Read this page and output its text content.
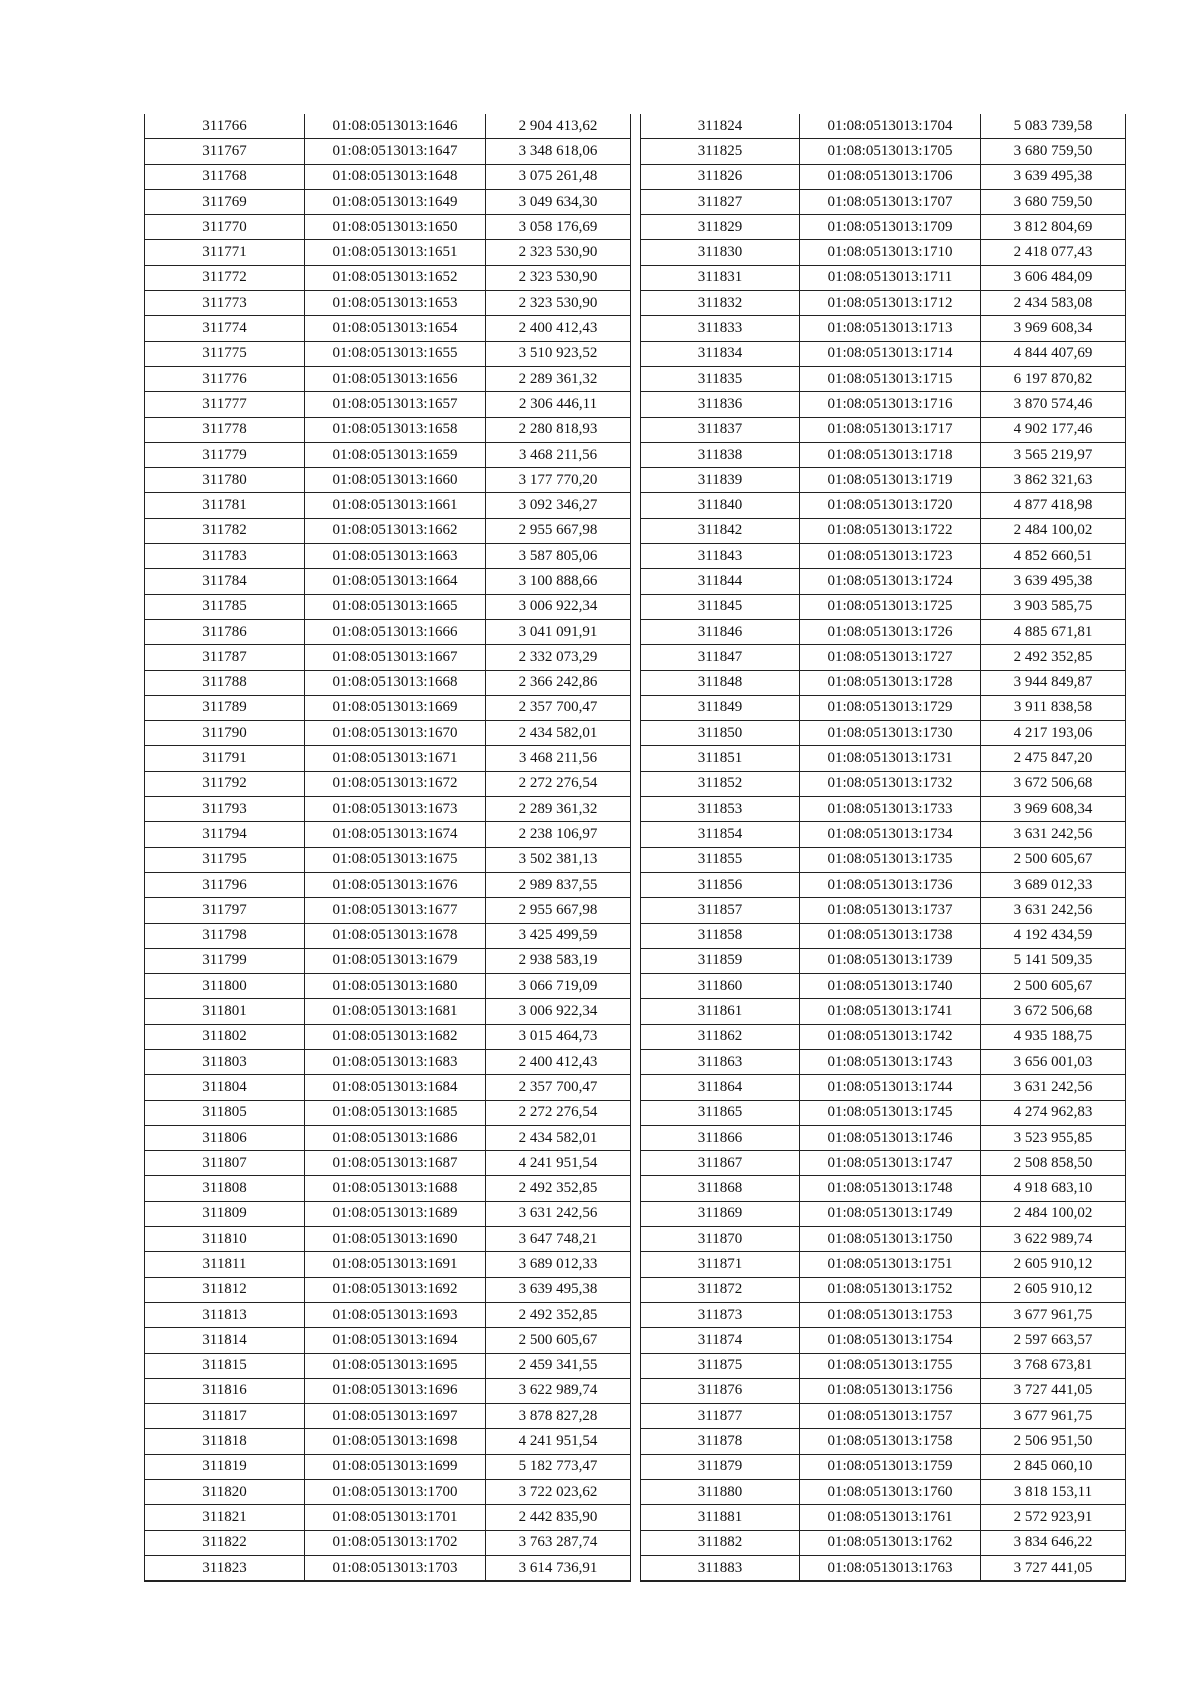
311766	01:08:0513013:1646	2 904 413,62
311767	01:08:0513013:1647	3 348 618,06
311768	01:08:0513013:1648	3 075 261,48
311769	01:08:0513013:1649	3 049 634,30
311770	01:08:0513013:1650	3 058 176,69
311771	01:08:0513013:1651	2 323 530,90
311772	01:08:0513013:1652	2 323 530,90
311773	01:08:0513013:1653	2 323 530,90
311774	01:08:0513013:1654	2 400 412,43
311775	01:08:0513013:1655	3 510 923,52
311776	01:08:0513013:1656	2 289 361,32
311777	01:08:0513013:1657	2 306 446,11
311778	01:08:0513013:1658	2 280 818,93
311779	01:08:0513013:1659	3 468 211,56
311780	01:08:0513013:1660	3 177 770,20
311781	01:08:0513013:1661	3 092 346,27
311782	01:08:0513013:1662	2 955 667,98
311783	01:08:0513013:1663	3 587 805,06
311784	01:08:0513013:1664	3 100 888,66
311785	01:08:0513013:1665	3 006 922,34
311786	01:08:0513013:1666	3 041 091,91
311787	01:08:0513013:1667	2 332 073,29
311788	01:08:0513013:1668	2 366 242,86
311789	01:08:0513013:1669	2 357 700,47
311790	01:08:0513013:1670	2 434 582,01
311791	01:08:0513013:1671	3 468 211,56
311792	01:08:0513013:1672	2 272 276,54
311793	01:08:0513013:1673	2 289 361,32
311794	01:08:0513013:1674	2 238 106,97
311795	01:08:0513013:1675	3 502 381,13
311796	01:08:0513013:1676	2 989 837,55
311797	01:08:0513013:1677	2 955 667,98
311798	01:08:0513013:1678	3 425 499,59
311799	01:08:0513013:1679	2 938 583,19
311800	01:08:0513013:1680	3 066 719,09
311801	01:08:0513013:1681	3 006 922,34
311802	01:08:0513013:1682	3 015 464,73
311803	01:08:0513013:1683	2 400 412,43
311804	01:08:0513013:1684	2 357 700,47
311805	01:08:0513013:1685	2 272 276,54
311806	01:08:0513013:1686	2 434 582,01
311807	01:08:0513013:1687	4 241 951,54
311808	01:08:0513013:1688	2 492 352,85
311809	01:08:0513013:1689	3 631 242,56
311810	01:08:0513013:1690	3 647 748,21
311811	01:08:0513013:1691	3 689 012,33
311812	01:08:0513013:1692	3 639 495,38
311813	01:08:0513013:1693	2 492 352,85
311814	01:08:0513013:1694	2 500 605,67
311815	01:08:0513013:1695	2 459 341,55
311816	01:08:0513013:1696	3 622 989,74
311817	01:08:0513013:1697	3 878 827,28
311818	01:08:0513013:1698	4 241 951,54
311819	01:08:0513013:1699	5 182 773,47
311820	01:08:0513013:1700	3 722 023,62
311821	01:08:0513013:1701	2 442 835,90
311822	01:08:0513013:1702	3 763 287,74
311823	01:08:0513013:1703	3 614 736,91
311824	01:08:0513013:1704	5 083 739,58
311825	01:08:0513013:1705	3 680 759,50
311826	01:08:0513013:1706	3 639 495,38
311827	01:08:0513013:1707	3 680 759,50
311829	01:08:0513013:1709	3 812 804,69
311830	01:08:0513013:1710	2 418 077,43
311831	01:08:0513013:1711	3 606 484,09
311832	01:08:0513013:1712	2 434 583,08
311833	01:08:0513013:1713	3 969 608,34
311834	01:08:0513013:1714	4 844 407,69
311835	01:08:0513013:1715	6 197 870,82
311836	01:08:0513013:1716	3 870 574,46
311837	01:08:0513013:1717	4 902 177,46
311838	01:08:0513013:1718	3 565 219,97
311839	01:08:0513013:1719	3 862 321,63
311840	01:08:0513013:1720	4 877 418,98
311842	01:08:0513013:1722	2 484 100,02
311843	01:08:0513013:1723	4 852 660,51
311844	01:08:0513013:1724	3 639 495,38
311845	01:08:0513013:1725	3 903 585,75
311846	01:08:0513013:1726	4 885 671,81
311847	01:08:0513013:1727	2 492 352,85
311848	01:08:0513013:1728	3 944 849,87
311849	01:08:0513013:1729	3 911 838,58
311850	01:08:0513013:1730	4 217 193,06
311851	01:08:0513013:1731	2 475 847,20
311852	01:08:0513013:1732	3 672 506,68
311853	01:08:0513013:1733	3 969 608,34
311854	01:08:0513013:1734	3 631 242,56
311855	01:08:0513013:1735	2 500 605,67
311856	01:08:0513013:1736	3 689 012,33
311857	01:08:0513013:1737	3 631 242,56
311858	01:08:0513013:1738	4 192 434,59
311859	01:08:0513013:1739	5 141 509,35
311860	01:08:0513013:1740	2 500 605,67
311861	01:08:0513013:1741	3 672 506,68
311862	01:08:0513013:1742	4 935 188,75
311863	01:08:0513013:1743	3 656 001,03
311864	01:08:0513013:1744	3 631 242,56
311865	01:08:0513013:1745	4 274 962,83
311866	01:08:0513013:1746	3 523 955,85
311867	01:08:0513013:1747	2 508 858,50
311868	01:08:0513013:1748	4 918 683,10
311869	01:08:0513013:1749	2 484 100,02
311870	01:08:0513013:1750	3 622 989,74
311871	01:08:0513013:1751	2 605 910,12
311872	01:08:0513013:1752	2 605 910,12
311873	01:08:0513013:1753	3 677 961,75
311874	01:08:0513013:1754	2 597 663,57
311875	01:08:0513013:1755	3 768 673,81
311876	01:08:0513013:1756	3 727 441,05
311877	01:08:0513013:1757	3 677 961,75
311878	01:08:0513013:1758	2 506 951,50
311879	01:08:0513013:1759	2 845 060,10
311880	01:08:0513013:1760	3 818 153,11
311881	01:08:0513013:1761	2 572 923,91
311882	01:08:0513013:1762	3 834 646,22
311883	01:08:0513013:1763	3 727 441,05
